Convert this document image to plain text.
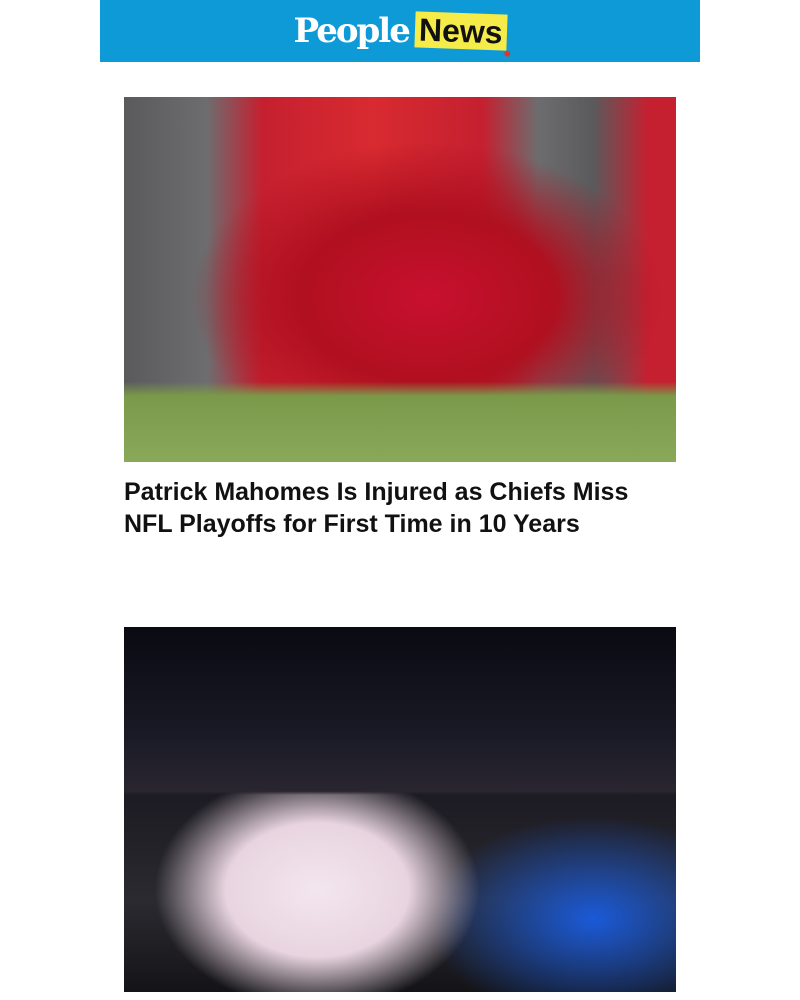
People News
Patrick Mahomes Is Injured as Chiefs Miss NFL Playoffs for First Time in 10 Years
